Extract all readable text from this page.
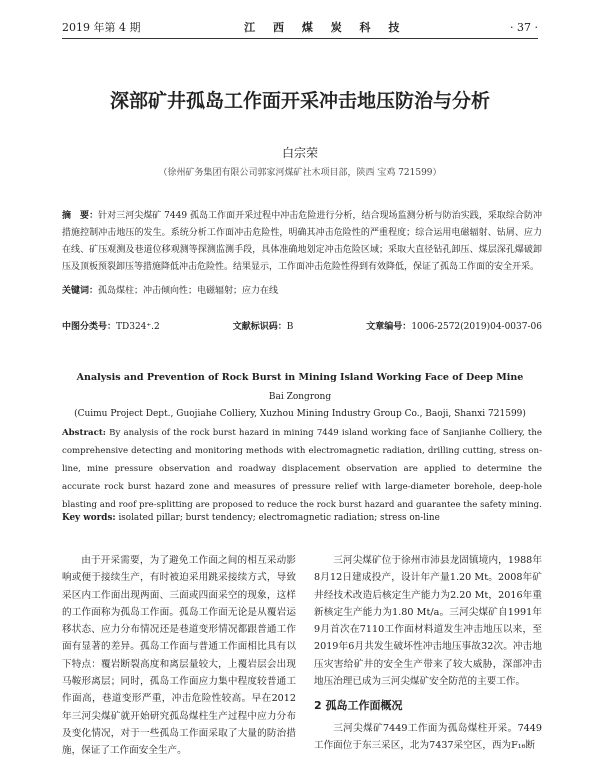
2019 年第 4 期	江 西 煤 炭 科 技	· 37 ·
深部矿井孤岛工作面开采冲击地压防治与分析
白宗荣
（徐州矿务集团有限公司郭家河煤矿社木项目部，陕西 宝鸡 721599）
摘　要：针对三河尖煤矿 7449 孤岛工作面开采过程中冲击危险进行分析，结合现场监测分析与防治实践，采取综合防冲措施控制冲击地压的发生。系统分析工作面冲击危险性，明确其冲击危险性的严重程度；综合运用电磁辐射、钻屑、应力在线、矿压观测及巷道位移观测等探测监测手段，具体准确地划定冲击危险区域；采取大直径钻孔卸压、煤层深孔爆破卸压及顶板预裂卸压等措施降低冲击危险性。结果显示，工作面冲击危险性得到有效降低，保证了孤岛工作面的安全开采。
关键词：孤岛煤柱；冲击倾向性；电磁辐射；应力在线
中图分类号：TD324⁺.2	文献标识码：B	文章编号：1006-2572(2019)04-0037-06
Analysis and Prevention of Rock Burst in Mining Island Working Face of Deep Mine
Bai Zongrong
(Cuimu Project Dept., Guojiahe Colliery, Xuzhou Mining Industry Group Co., Baoji, Shanxi 721599)
Abstract: By analysis of the rock burst hazard in mining 7449 island working face of Sanjianhe Colliery, the comprehensive detecting and monitoring methods with electromagnetic radiation, drilling cutting, stress on-line, mine pressure observation and roadway displacement observation are applied to determine the accurate rock burst hazard zone and measures of pressure relief with large-diameter borehole, deep-hole blasting and roof pre-splitting are proposed to reduce the rock burst hazard and guarantee the safety mining.
Key words: isolated pillar; burst tendency; electromagnetic radiation; stress on-line

由于开采需要，为了避免工作面之间的相互采动影响或便于接续生产，有时被迫采用跳采接续方式，导致采区内工作面出现两面、三面或四面采空的现象，这样的工作面称为孤岛工作面。孤岛工作面无论是从覆岩运移状态、应力分布情况还是巷道变形情况都跟普通工作面有显著的差异。孤岛工作面与普通工作面相比具有以下特点：覆岩断裂高度和离层量较大，上覆岩层会出现马鞍形离层；同时，孤岛工作面应力集中程度较普通工作面高，巷道变形严重，冲击危险性较高。早在2012年三河尖煤矿就开始研究孤岛煤柱生产过程中应力分布及变化情况，对于一些孤岛工作面采取了大量的防治措施，保证了工作面安全生产。

三河尖煤矿位于徐州市沛县龙固镇境内，1988年8月12日建成投产，设计年产量1.20 Mt。2008年矿井经技术改造后核定生产能力为2.20 Mt，2016年重新核定生产能力为1.80 Mt/a。三河尖煤矿自1991年9月首次在7110工作面材料道发生冲击地压以来，至2019年6月共发生破坏性冲击地压事故32次。冲击地压灾害给矿井的安全生产带来了较大威胁，深部冲击地压治理已成为三河尖煤矿安全防范的主要工作。

2 孤岛工作面概况

三河尖煤矿7449工作面为孤岛煤柱开采。7449工作面位于东三采区，北为7437采空区，西为F₁₆断
